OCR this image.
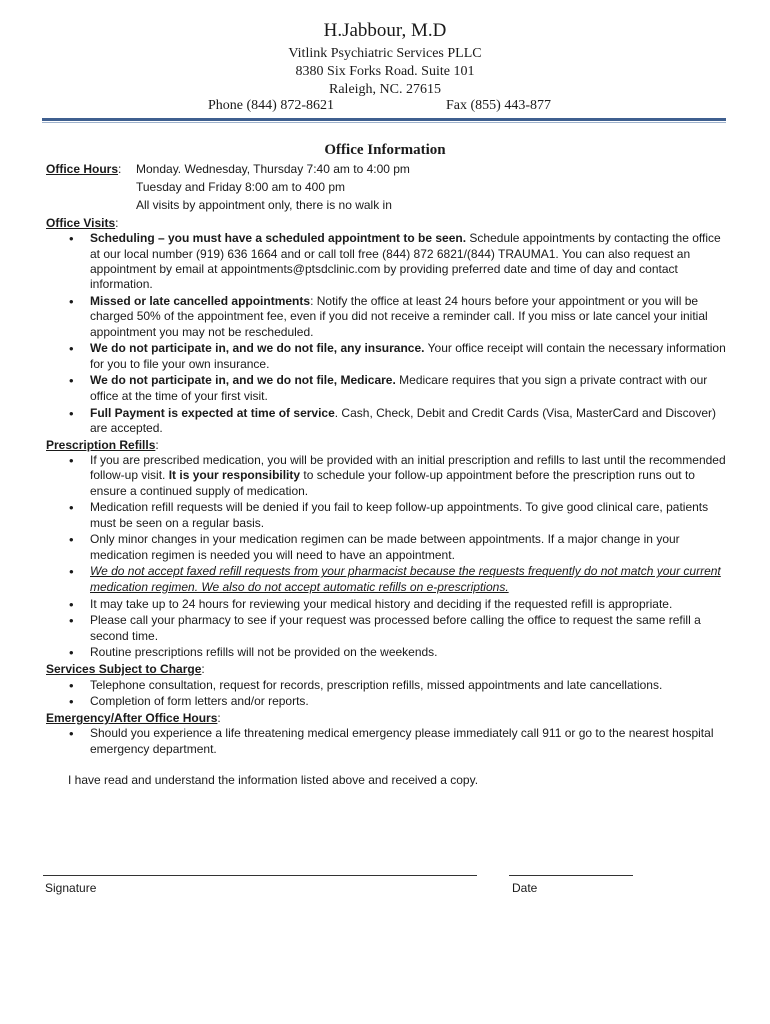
H.Jabbour, M.D
Vitlink Psychiatric Services PLLC
8380 Six Forks Road. Suite 101
Raleigh, NC. 27615
Phone (844) 872-8621	Fax (855) 443-877
Office Information
Office Hours:	Monday. Wednesday, Thursday 7:40 am to 4:00 pm
Tuesday and Friday 8:00 am to 400 pm
All visits by appointment only, there is no walk in
Office Visits:
• Scheduling – you must have a scheduled appointment to be seen. Schedule appointments by contacting the office at our local number (919) 636 1664 and or call toll free (844) 872 6821/(844) TRAUMA1. You can also request an appointment by email at appointments@ptsdclinic.com by providing preferred date and time of day and contact information.
• Missed or late cancelled appointments: Notify the office at least 24 hours before your appointment or you will be charged 50% of the appointment fee, even if you did not receive a reminder call. If you miss or late cancel your initial appointment you may not be rescheduled.
• We do not participate in, and we do not file, any insurance. Your office receipt will contain the necessary information for you to file your own insurance.
• We do not participate in, and we do not file, Medicare. Medicare requires that you sign a private contract with our office at the time of your first visit.
• Full Payment is expected at time of service. Cash, Check, Debit and Credit Cards (Visa, MasterCard and Discover) are accepted.
Prescription Refills:
• If you are prescribed medication, you will be provided with an initial prescription and refills to last until the recommended follow-up visit. It is your responsibility to schedule your follow-up appointment before the prescription runs out to ensure a continued supply of medication.
• Medication refill requests will be denied if you fail to keep follow-up appointments. To give good clinical care, patients must be seen on a regular basis.
• Only minor changes in your medication regimen can be made between appointments. If a major change in your medication regimen is needed you will need to have an appointment.
• We do not accept faxed refill requests from your pharmacist because the requests frequently do not match your current medication regimen. We also do not accept automatic refills on e-prescriptions.
• It may take up to 24 hours for reviewing your medical history and deciding if the requested refill is appropriate.
• Please call your pharmacy to see if your request was processed before calling the office to request the same refill a second time.
• Routine prescriptions refills will not be provided on the weekends.
Services Subject to Charge:
• Telephone consultation, request for records, prescription refills, missed appointments and late cancellations.
• Completion of form letters and/or reports.
Emergency/After Office Hours:
• Should you experience a life threatening medical emergency please immediately call 911 or go to the nearest hospital emergency department.
I have read and understand the information listed above and received a copy.
Signature	Date
